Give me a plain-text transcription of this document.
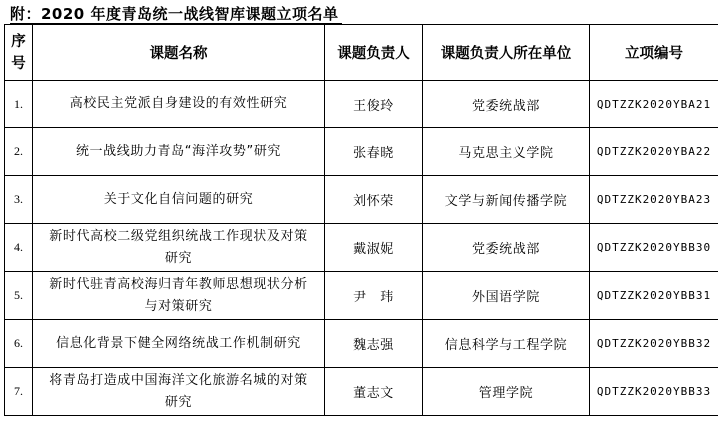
附：2020 年度青岛统一战线智库课题立项名单
序号	课题名称	课题负责人	课题负责人所在单位	立项编号
1.	高校民主党派自身建设的有效性研究	王俊玲	党委统战部	QDTZZK2020YBA21
2.	统一战线助力青岛“海洋攻势”研究	张春晓	马克思主义学院	QDTZZK2020YBA22
3.	关于文化自信问题的研究	刘怀荣	文学与新闻传播学院	QDTZZK2020YBA23
4.	新时代高校二级党组织统战工作现状及对策研究	戴淑妮	党委统战部	QDTZZK2020YBB30
5.	新时代驻青高校海归青年教师思想现状分析与对策研究	尹　玮	外国语学院	QDTZZK2020YBB31
6.	信息化背景下健全网络统战工作机制研究	魏志强	信息科学与工程学院	QDTZZK2020YBB32
7.	将青岛打造成中国海洋文化旅游名城的对策研究	董志文	管理学院	QDTZZK2020YBB33
